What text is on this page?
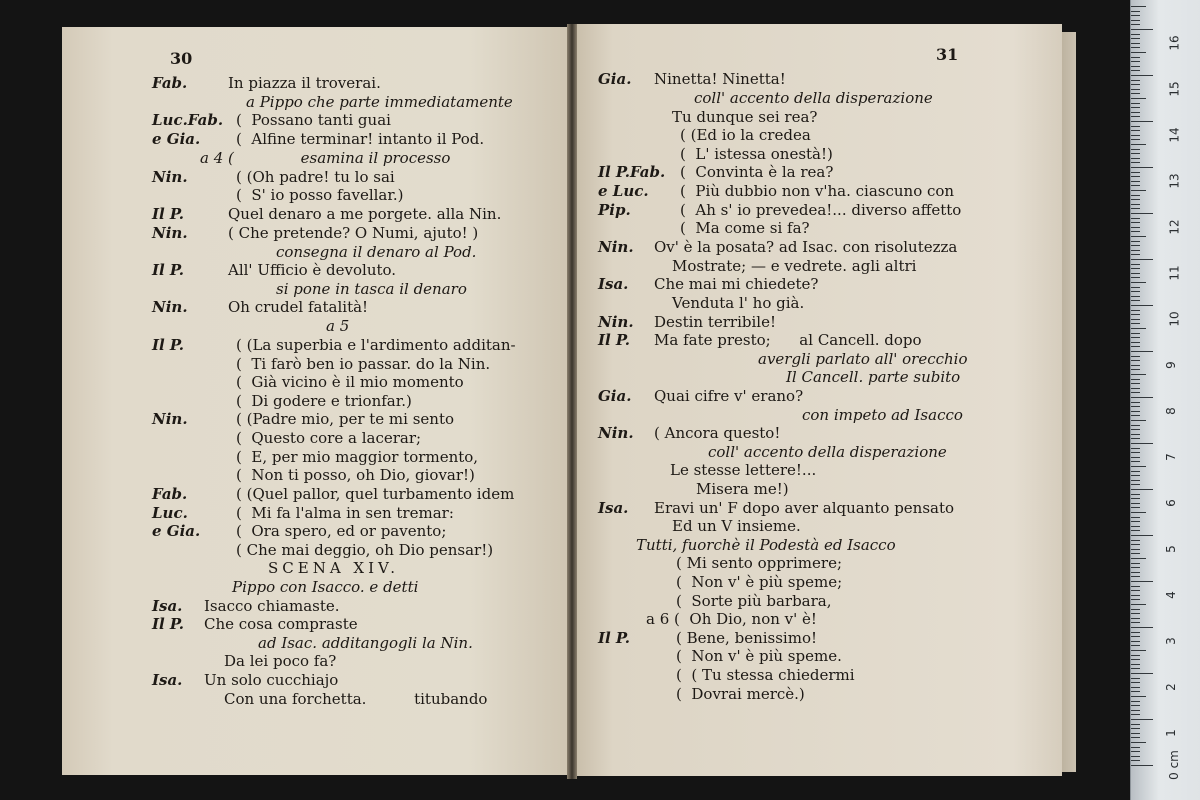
30
Fab.	In piazza il troverai.
a Pippo che parte immediatamente
Luc.Fab. (  Possano tanti guai
e Gia. (  Alfine terminar! intanto il Pod.
a 4 (              esamina il processo
Nin.	( (Oh padre! tu lo sai
(  S' io posso favellar.)
Il P.	Quel denaro a me porgete. alla Nin.
Nin.	( Che pretende? O Numi, ajuto! )
consegna il denaro al Pod.
Il P.	All' Ufficio è devoluto.
si pone in tasca il denaro
Nin.	Oh crudel fatalità!
a 5
Il P.	( (La superbia e l'ardimento additan-
(  Ti farò ben io passar. do la Nin.
(  Già vicino è il mio momento
(  Di godere e trionfar.)
Nin.	( (Padre mio, per te mi sento
(  Questo core a lacerar;
(  E, per mio maggior tormento,
(  Non ti posso, oh Dio, giovar!)
Fab.	( (Quel pallor, quel turbamento idem
Luc.	(  Mi fa l'alma in sen tremar:
e Gia. (  Ora spero, ed or pavento;
( Che mai deggio, oh Dio pensar!)
SCENA XIV.
Pippo con Isacco. e detti
Isa. Isacco chiamaste.
Il P. Che cosa compraste
ad Isac. additangogli la Nin.
Da lei poco fa?
Isa. Un solo cucchiajo
Con una forchetta.          titubando
31
Gia. Ninetta! Ninetta!
coll' accento della disperazione
Tu dunque sei rea?
( (Ed io la credea
(  L' istessa onestà!)
Il P.Fab. (  Convinta è la rea?
e Luc. (  Più dubbio non v'ha. ciascuno con
Pip.	(  Ah s' io prevedea!... diverso affetto
(  Ma come si fa?
Nin. Ov' è la posata? ad Isac. con risolutezza
Mostrate; — e vedrete. agli altri
Isa. Che mai mi chiedete?
Venduta l' ho già.
Nin. Destin terribile!
Il P. Ma fate presto;      al Cancell. dopo
avergli parlato all' orecchio
Il Cancell. parte subito
Gia. Quai cifre v' erano?
con impeto ad Isacco
Nin. ( Ancora questo!
coll' accento della disperazione
Le stesse lettere!...
Misera me!)
Isa. Eravi un' F dopo aver alquanto pensato
Ed un V insieme.
Tutti, fuorchè il Podestà ed Isacco
( Mi sento opprimere;
(  Non v' è più speme;
(  Sorte più barbara,
a 6 (  Oh Dio, non v' è!
Il P.	( Bene, benissimo!
(  Non v' è più speme.
(  ( Tu stessa chiedermi
(  Dovrai mercè.)
0 cm
1
2
3
4
5
6
7
8
9
10
11
12
13
14
15
16
